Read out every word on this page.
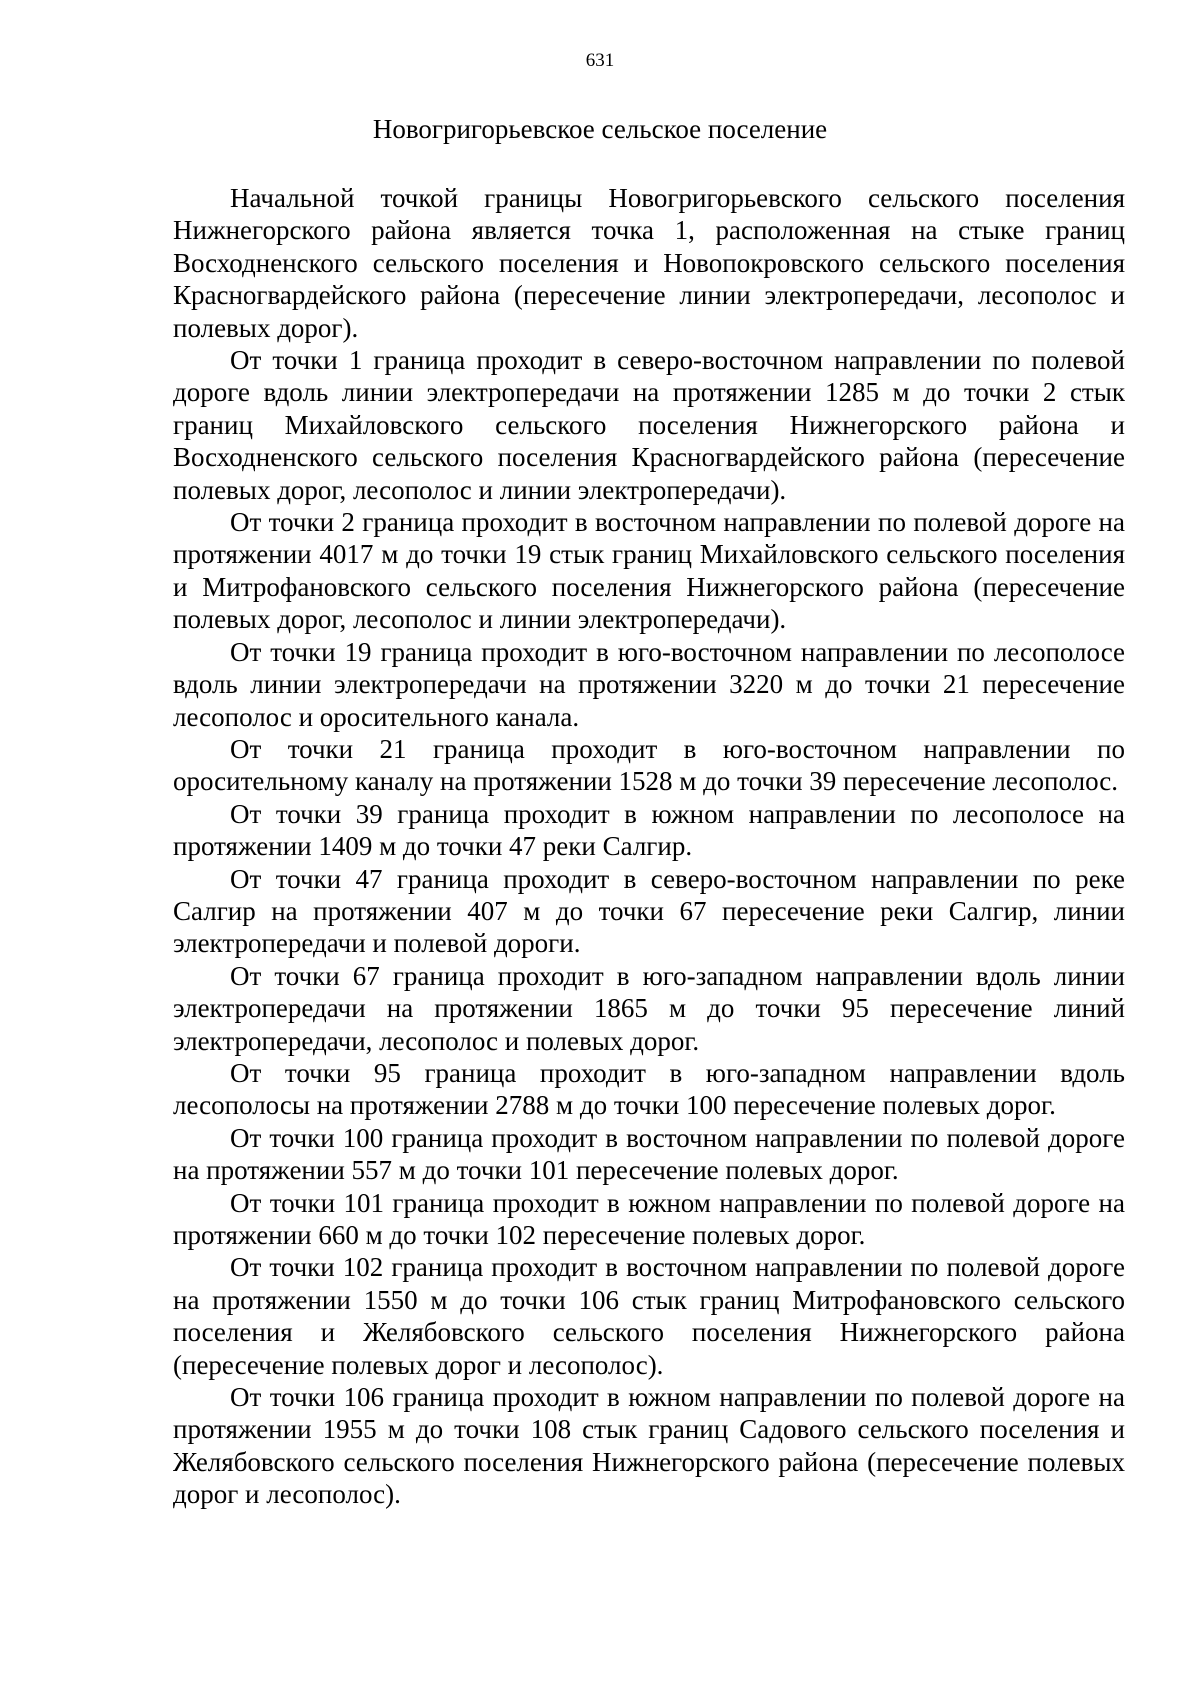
631
Новогригорьевское сельское поселение

Начальной точкой границы Новогригорьевского сельского поселения Нижнегорского района является точка 1, расположенная на стыке границ Восходненского сельского поселения и Новопокровского сельского поселения Красногвардейского района (пересечение линии электропередачи, лесополос и полевых дорог).

От точки 1 граница проходит в северо-восточном направлении по полевой дороге вдоль линии электропередачи на протяжении 1285 м до точки 2 стык границ Михайловского сельского поселения Нижнегорского района и Восходненского сельского поселения Красногвардейского района (пересечение полевых дорог, лесополос и линии электропередачи).

От точки 2 граница проходит в восточном направлении по полевой дороге на протяжении 4017 м до точки 19 стык границ Михайловского сельского поселения и Митрофановского сельского поселения Нижнегорского района (пересечение полевых дорог, лесополос и линии электропередачи).

От точки 19 граница проходит в юго-восточном направлении по лесополосе вдоль линии электропередачи на протяжении 3220 м до точки 21 пересечение лесополос и оросительного канала.

От точки 21 граница проходит в юго-восточном направлении по оросительному каналу на протяжении 1528 м до точки 39 пересечение лесополос.

От точки 39 граница проходит в южном направлении по лесополосе на протяжении 1409 м до точки 47 реки Салгир.

От точки 47 граница проходит в северо-восточном направлении по реке Салгир на протяжении 407 м до точки 67 пересечение реки Салгир, линии электропередачи и полевой дороги.

От точки 67 граница проходит в юго-западном направлении вдоль линии электропередачи на протяжении 1865 м до точки 95 пересечение линий электропередачи, лесополос и полевых дорог.

От точки 95 граница проходит в юго-западном направлении вдоль лесополосы на протяжении 2788 м до точки 100 пересечение полевых дорог.

От точки 100 граница проходит в восточном направлении по полевой дороге на протяжении 557 м до точки 101 пересечение полевых дорог.

От точки 101 граница проходит в южном направлении по полевой дороге на протяжении 660 м до точки 102 пересечение полевых дорог.

От точки 102 граница проходит в восточном направлении по полевой дороге на протяжении 1550 м до точки 106 стык границ Митрофановского сельского поселения и Желябовского сельского поселения Нижнегорского района (пересечение полевых дорог и лесополос).

От точки 106 граница проходит в южном направлении по полевой дороге на протяжении 1955 м до точки 108 стык границ Садового сельского поселения и Желябовского сельского поселения Нижнегорского района (пересечение полевых дорог и лесополос).
